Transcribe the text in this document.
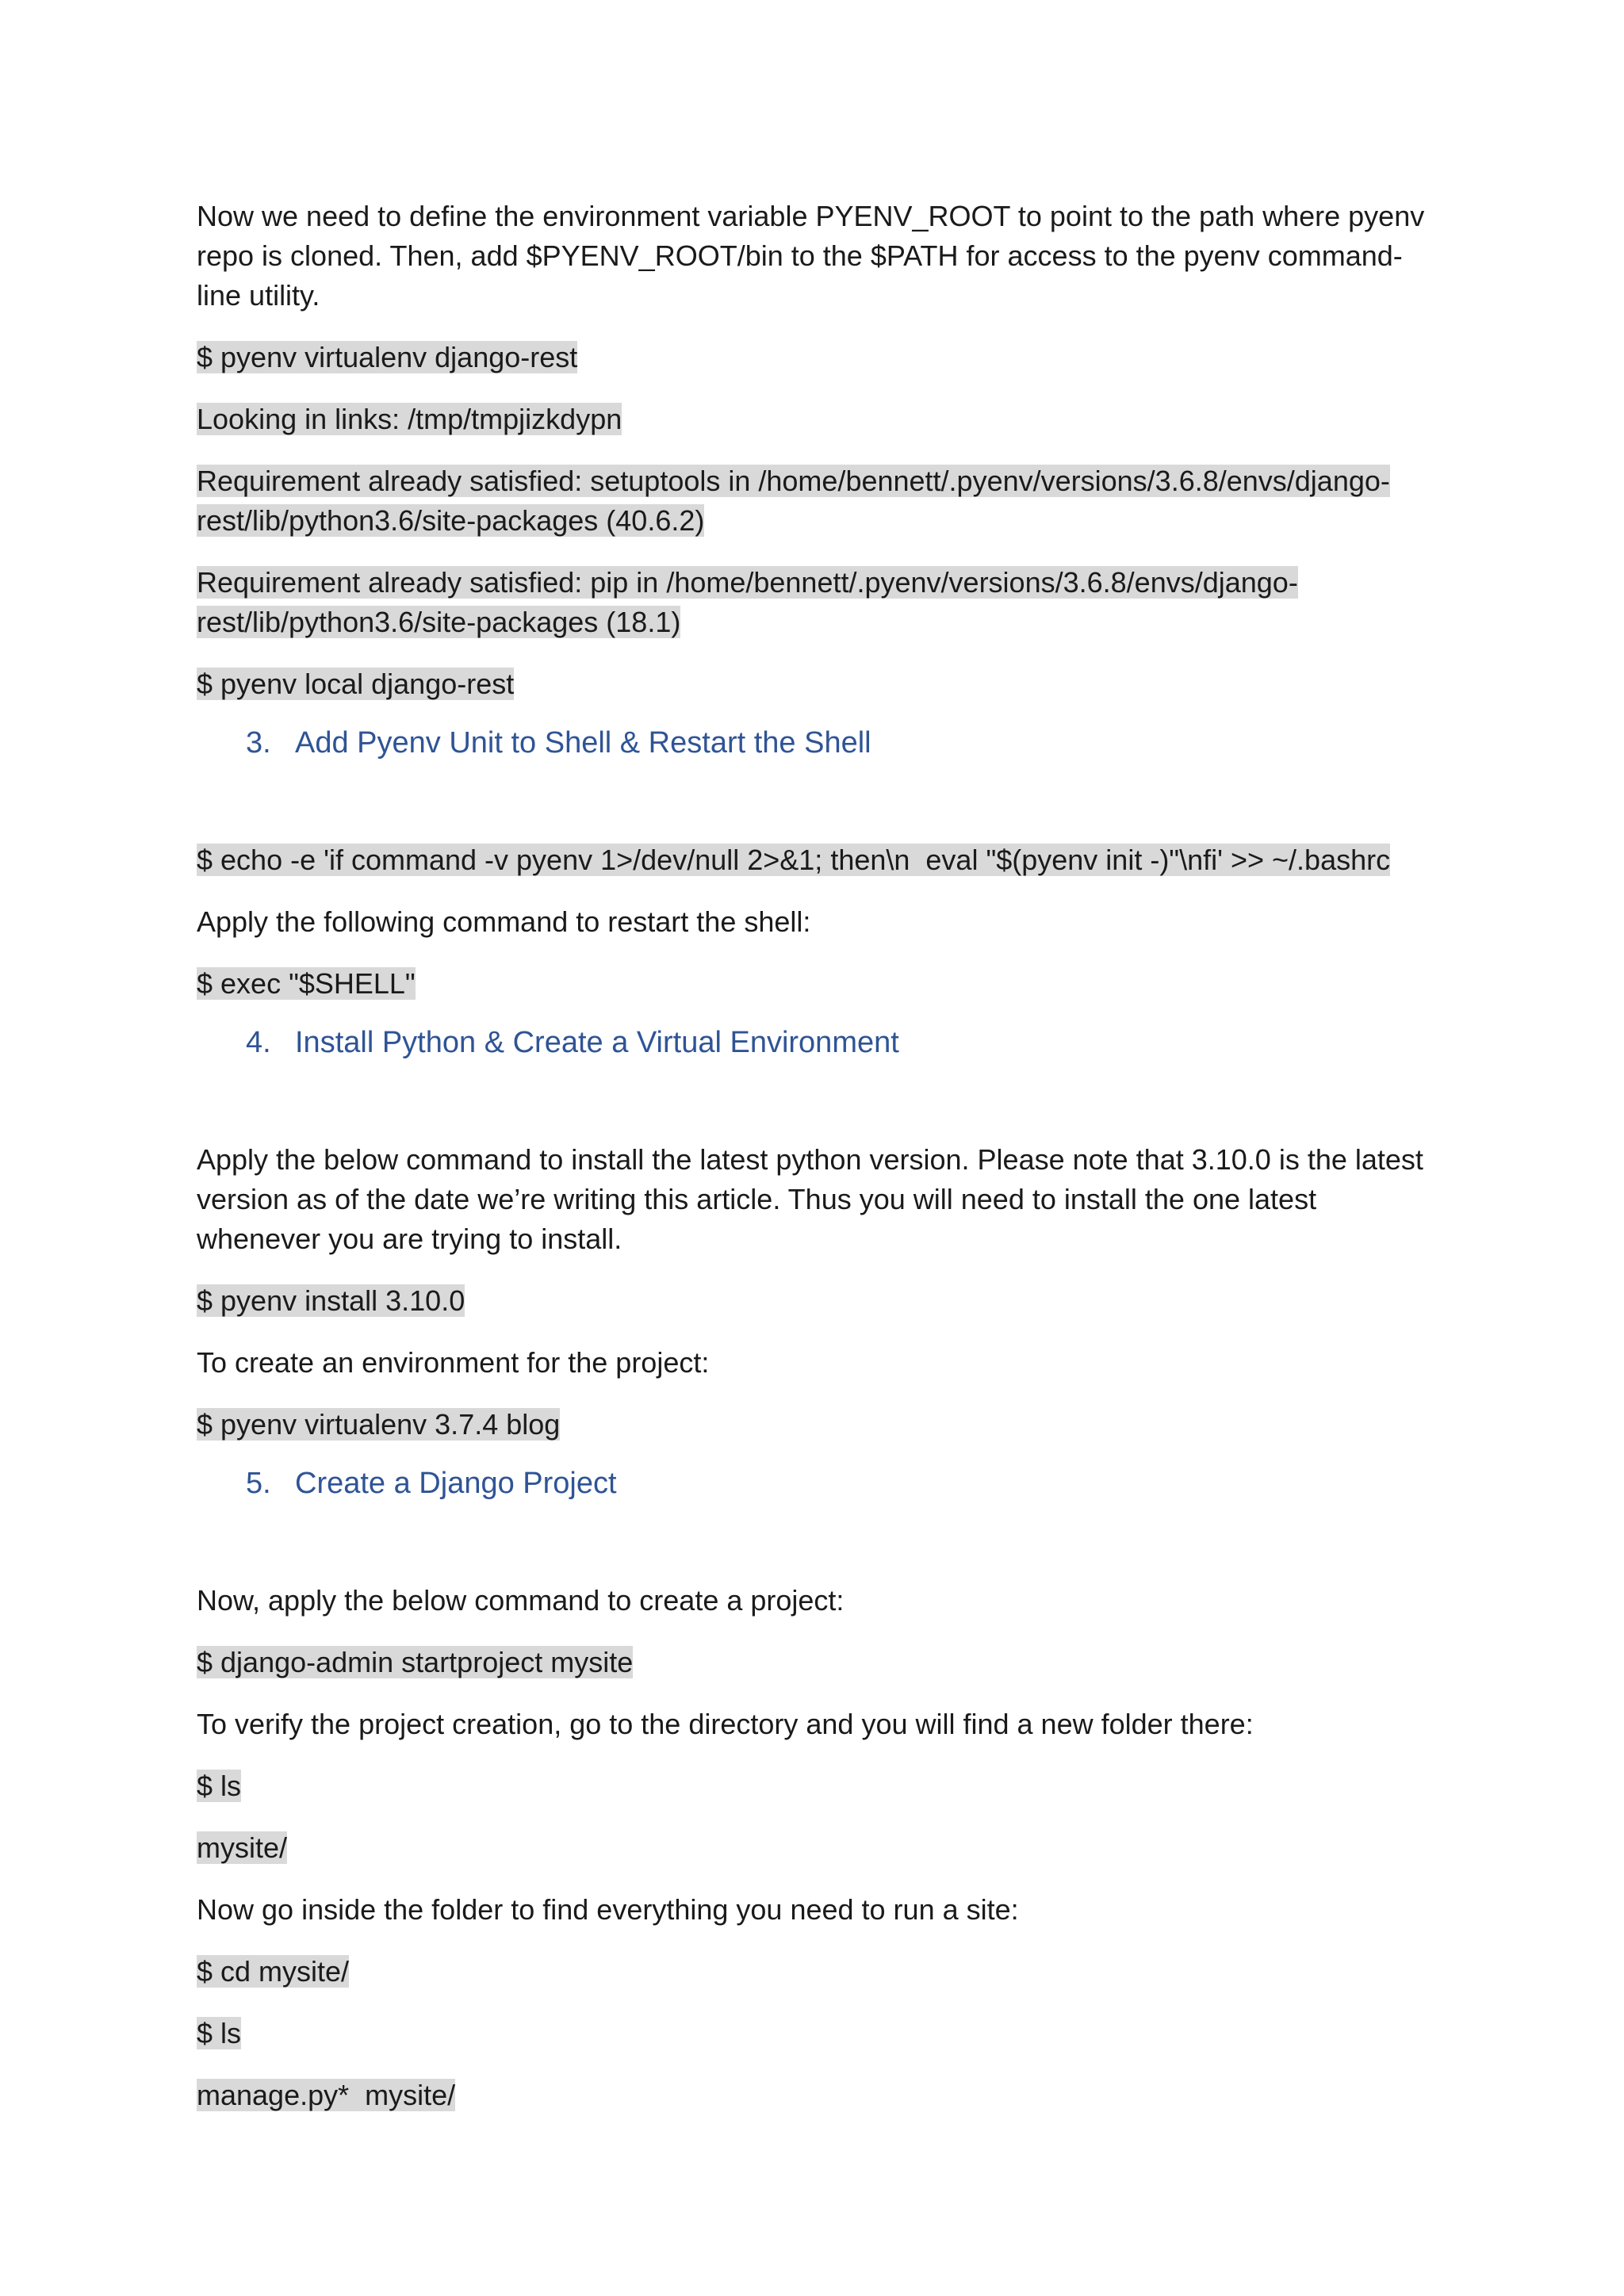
Now we need to define the environment variable PYENV_ROOT to point to the path where pyenv repo is cloned. Then, add $PYENV_ROOT/bin to the $PATH for access to the pyenv command-line utility.

$ pyenv virtualenv django-rest

Looking in links: /tmp/tmpjizkdypn

Requirement already satisfied: setuptools in /home/bennett/.pyenv/versions/3.6.8/envs/django-rest/lib/python3.6/site-packages (40.6.2)

Requirement already satisfied: pip in /home/bennett/.pyenv/versions/3.6.8/envs/django-rest/lib/python3.6/site-packages (18.1)

$ pyenv local django-rest

3. Add Pyenv Unit to Shell & Restart the Shell

$ echo -e 'if command -v pyenv 1>/dev/null 2>&1; then\n  eval "$(pyenv init -)"\nfi' >> ~/.bashrc

Apply the following command to restart the shell:

$ exec "$SHELL"

4. Install Python & Create a Virtual Environment

Apply the below command to install the latest python version. Please note that 3.10.0 is the latest version as of the date we’re writing this article. Thus you will need to install the one latest whenever you are trying to install.

$ pyenv install 3.10.0

To create an environment for the project:

$ pyenv virtualenv 3.7.4 blog

5. Create a Django Project

Now, apply the below command to create a project:

$ django-admin startproject mysite

To verify the project creation, go to the directory and you will find a new folder there:

$ ls

mysite/

Now go inside the folder to find everything you need to run a site:

$ cd mysite/

$ ls

manage.py*  mysite/
